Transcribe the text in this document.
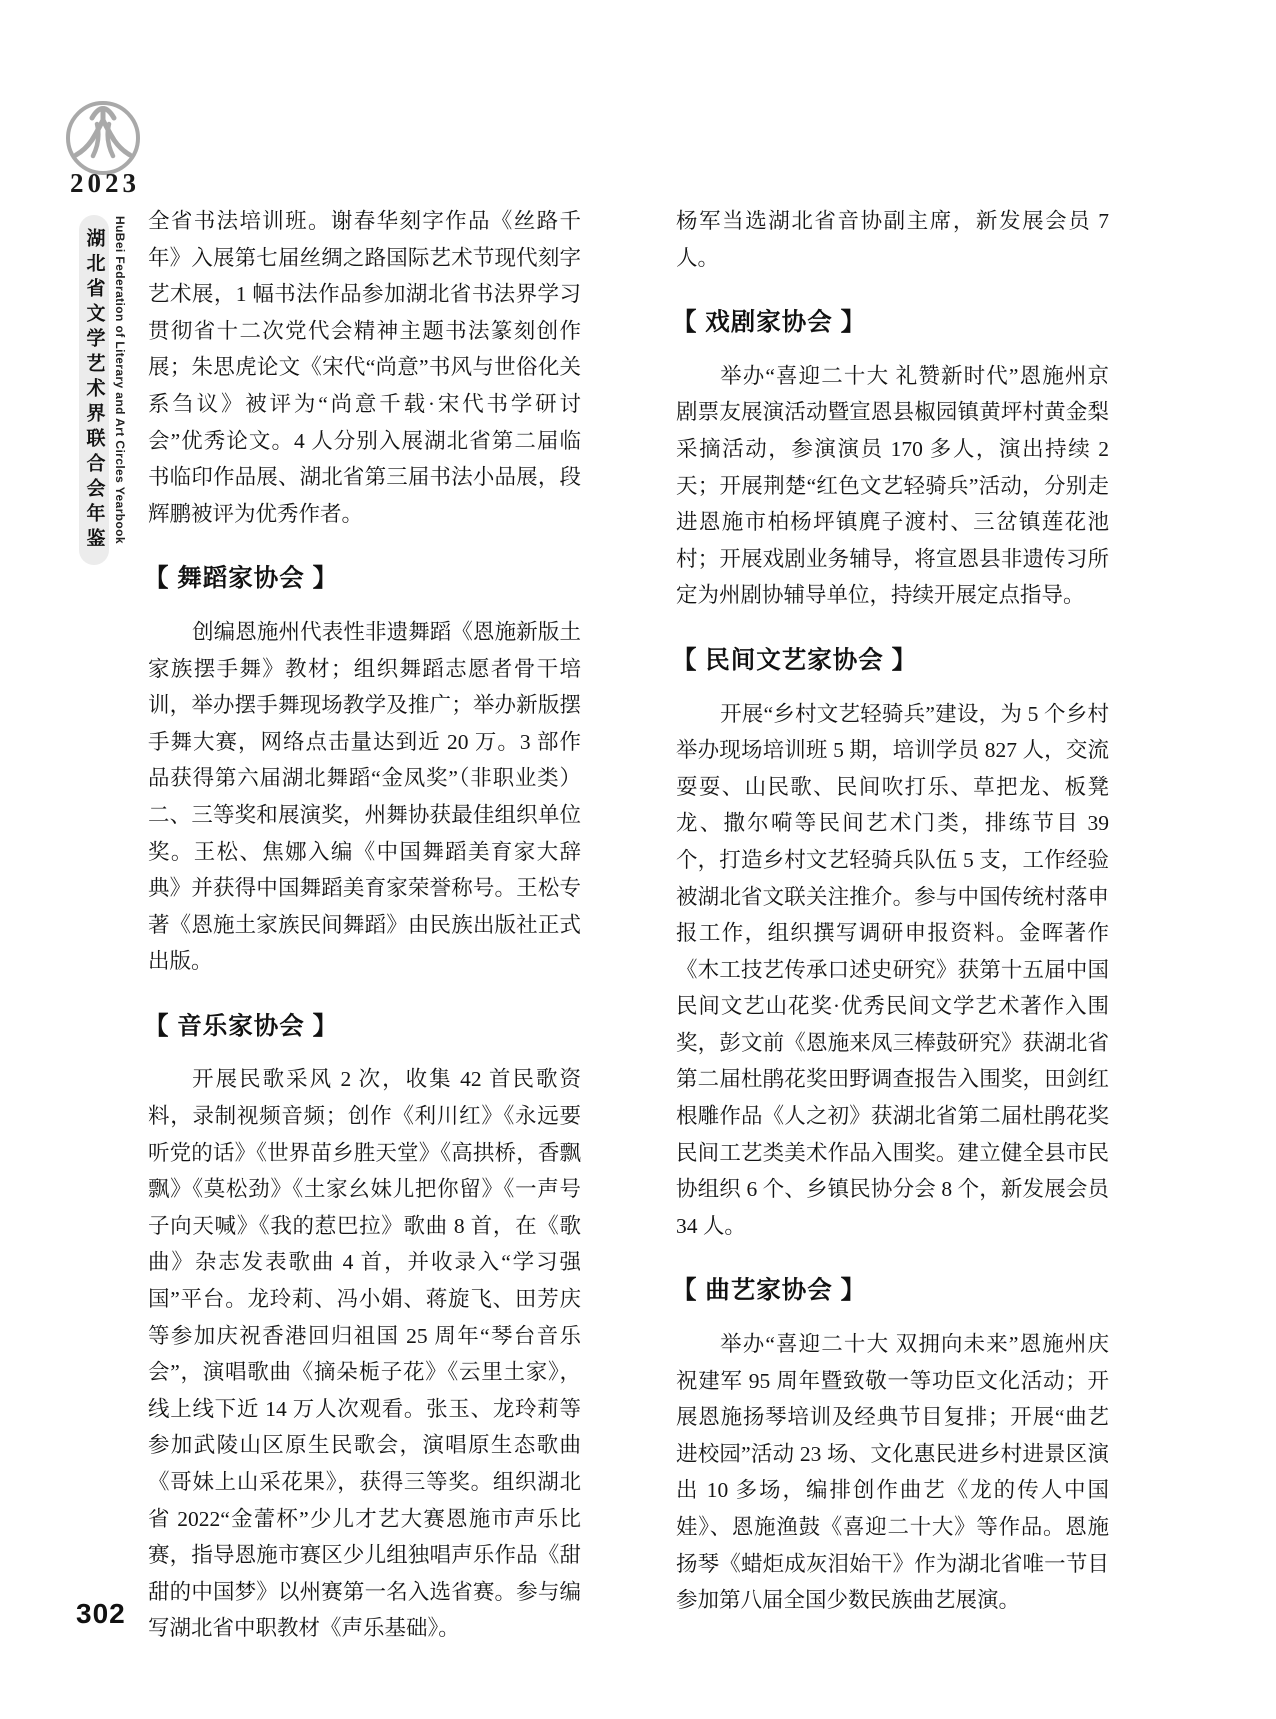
2023
湖北省文学艺术界联合会年鉴 HuBei Federation of Literary and Art Circles Yearbook 全省书法培训班。谢春华刻字作品《丝路千年》入展第七届丝绸之路国际艺术节现代刻字艺术展，1 幅书法作品参加湖北省书法界学习贯彻省十二次党代会精神主题书法篆刻创作展；朱思虎论文《宋代“尚意”书风与世俗化关系刍议》被评为“尚意千载·宋代书学研讨会”优秀论文。4 人分别入展湖北省第二届临书临印作品展、湖北省第三届书法小品展，段辉鹏被评为优秀作者。

【 舞蹈家协会 】

创编恩施州代表性非遗舞蹈《恩施新版土家族摆手舞》教材；组织舞蹈志愿者骨干培训，举办摆手舞现场教学及推广；举办新版摆手舞大赛，网络点击量达到近 20 万。3 部作品获得第六届湖北舞蹈“金凤奖”（非职业类）二、三等奖和展演奖，州舞协获最佳组织单位奖。王松、焦娜入编《中国舞蹈美育家大辞典》并获得中国舞蹈美育家荣誉称号。王松专著《恩施土家族民间舞蹈》由民族出版社正式出版。

【 音乐家协会 】

开展民歌采风 2 次，收集 42 首民歌资料，录制视频音频；创作《利川红》《永远要听党的话》《世界苗乡胜天堂》《高拱桥，香飘飘》《莫松劲》《土家幺妹儿把你留》《一声号子向天喊》《我的惹巴拉》歌曲 8 首，在《歌曲》杂志发表歌曲 4 首，并收录入“学习强国”平台。龙玲莉、冯小娟、蒋旋飞、田芳庆等参加庆祝香港回归祖国 25 周年“琴台音乐会”，演唱歌曲《摘朵栀子花》《云里土家》，线上线下近 14 万人次观看。张玉、龙玲莉等参加武陵山区原生民歌会，演唱原生态歌曲《哥妹上山采花果》，获得三等奖。组织湖北省 2022“金蕾杯”少儿才艺大赛恩施市声乐比赛，指导恩施市赛区少儿组独唱声乐作品《甜甜的中国梦》以州赛第一名入选省赛。参与编写湖北省中职教材《声乐基础》。

杨军当选湖北省音协副主席，新发展会员 7 人。

【 戏剧家协会 】

举办“喜迎二十大 礼赞新时代”恩施州京剧票友展演活动暨宣恩县椒园镇黄坪村黄金梨采摘活动，参演演员 170 多人，演出持续 2 天；开展荆楚“红色文艺轻骑兵”活动，分别走进恩施市柏杨坪镇麂子渡村、三岔镇莲花池村；开展戏剧业务辅导，将宣恩县非遗传习所定为州剧协辅导单位，持续开展定点指导。

【 民间文艺家协会 】

开展“乡村文艺轻骑兵”建设，为 5 个乡村举办现场培训班 5 期，培训学员 827 人，交流耍耍、山民歌、民间吹打乐、草把龙、板凳龙、撒尔嗬等民间艺术门类，排练节目 39 个，打造乡村文艺轻骑兵队伍 5 支，工作经验被湖北省文联关注推介。参与中国传统村落申报工作，组织撰写调研申报资料。金晖著作《木工技艺传承口述史研究》获第十五届中国民间文艺山花奖·优秀民间文学艺术著作入围奖，彭文前《恩施来凤三棒鼓研究》获湖北省第二届杜鹃花奖田野调查报告入围奖，田剑红根雕作品《人之初》获湖北省第二届杜鹃花奖民间工艺类美术作品入围奖。建立健全县市民协组织 6 个、乡镇民协分会 8 个，新发展会员 34 人。

【 曲艺家协会 】

举办“喜迎二十大 双拥向未来”恩施州庆祝建军 95 周年暨致敬一等功臣文化活动；开展恩施扬琴培训及经典节目复排；开展“曲艺进校园”活动 23 场、文化惠民进乡村进景区演出 10 多场，编排创作曲艺《龙的传人中国娃》、恩施渔鼓《喜迎二十大》等作品。恩施扬琴《蜡炬成灰泪始干》作为湖北省唯一节目参加第八届全国少数民族曲艺展演。

302
